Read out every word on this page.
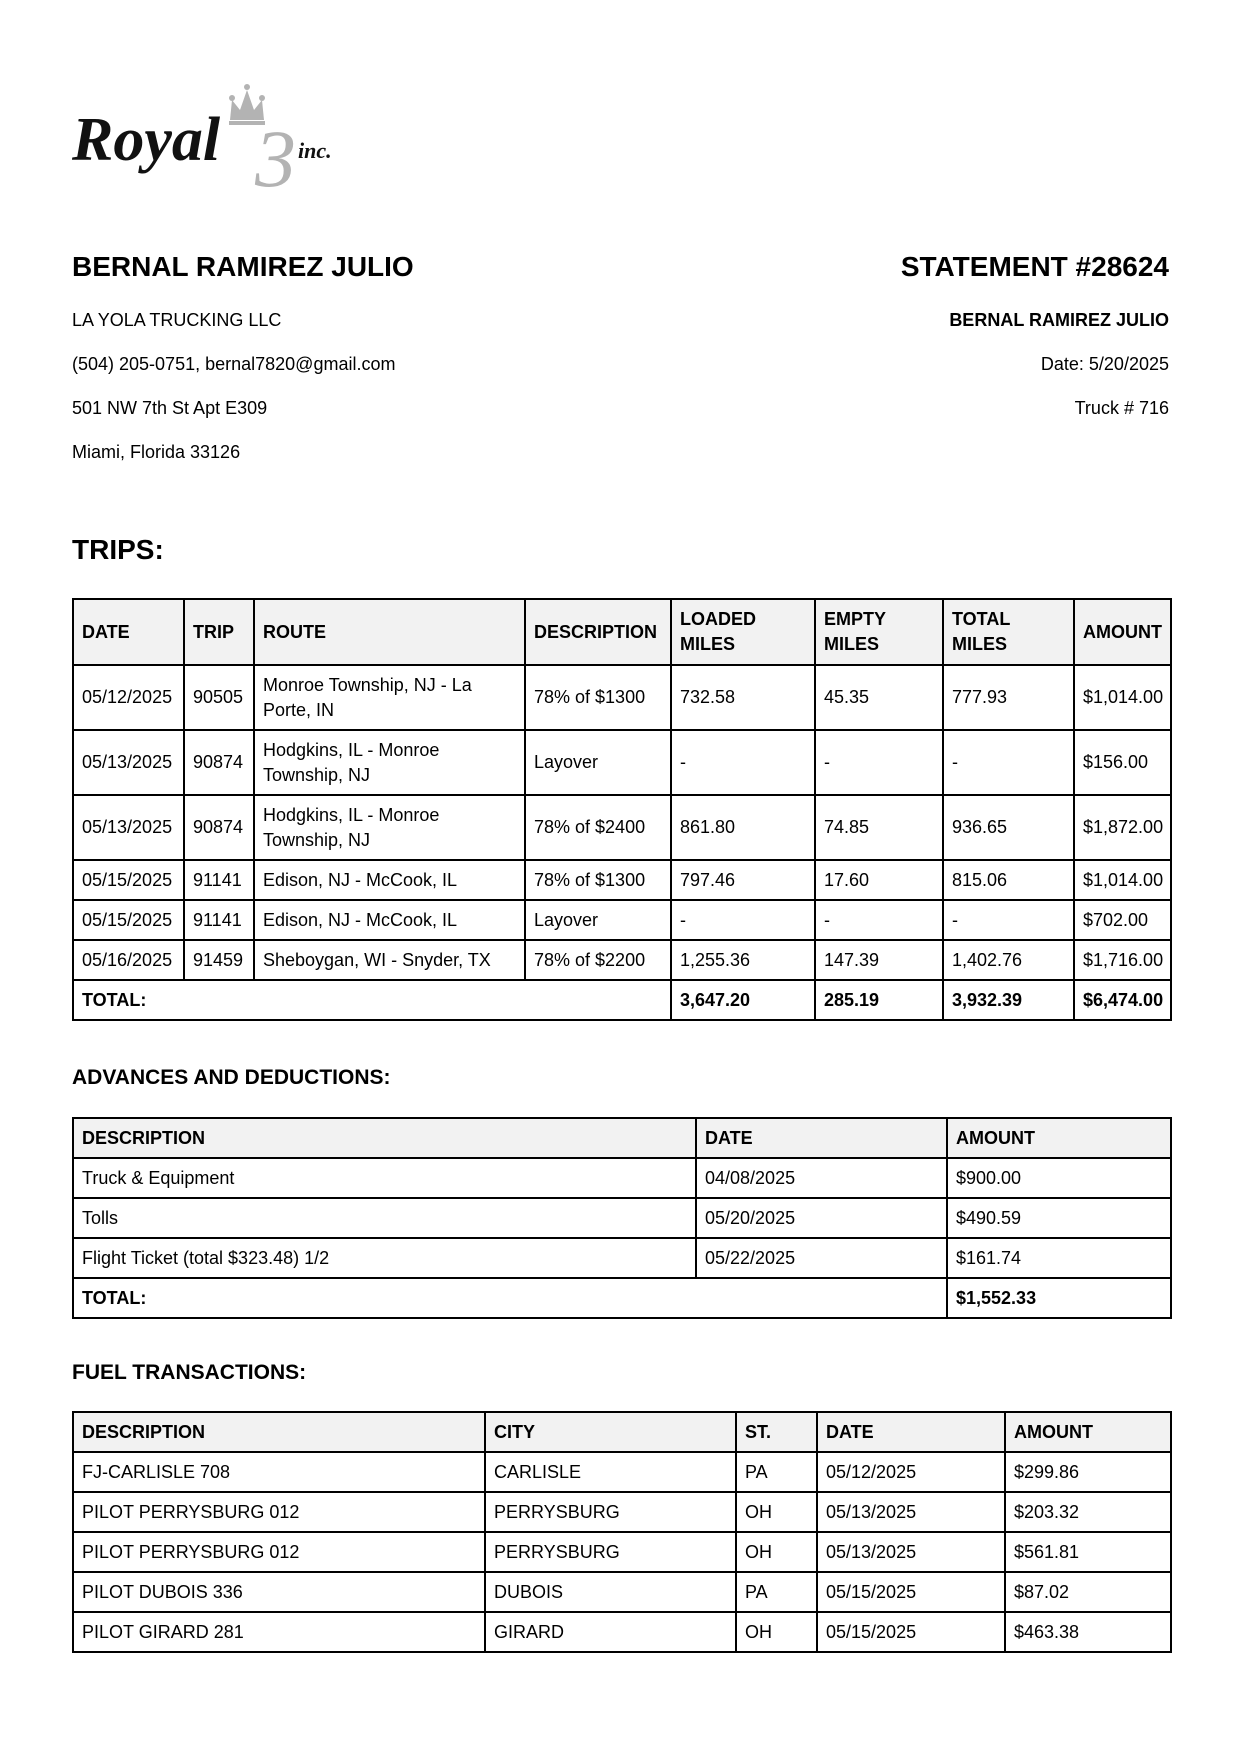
3
Royal	inc.
BERNAL RAMIREZ JULIO
LA YOLA TRUCKING LLC
(504) 205-0751, bernal7820@gmail.com
501 NW 7th St Apt E309
Miami, Florida 33126
STATEMENT #28624
BERNAL RAMIREZ JULIO
Date: 5/20/2025
Truck # 716
TRIPS:
DATE	TRIP	ROUTE	DESCRIPTION	LOADED MILES	EMPTY MILES	TOTAL MILES	AMOUNT
05/12/2025	90505	Monroe Township, NJ - La Porte, IN	78% of $1300	732.58	45.35	777.93	$1,014.00
05/13/2025	90874	Hodgkins, IL - Monroe Township, NJ	Layover	-	-	-	$156.00
05/13/2025	90874	Hodgkins, IL - Monroe Township, NJ	78% of $2400	861.80	74.85	936.65	$1,872.00
05/15/2025	91141	Edison, NJ - McCook, IL	78% of $1300	797.46	17.60	815.06	$1,014.00
05/15/2025	91141	Edison, NJ - McCook, IL	Layover	-	-	-	$702.00
05/16/2025	91459	Sheboygan, WI - Snyder, TX	78% of $2200	1,255.36	147.39	1,402.76	$1,716.00
TOTAL:				3,647.20	285.19	3,932.39	$6,474.00
ADVANCES AND DEDUCTIONS:
DESCRIPTION	DATE	AMOUNT
Truck & Equipment	04/08/2025	$900.00
Tolls	05/20/2025	$490.59
Flight Ticket (total $323.48) 1/2	05/22/2025	$161.74
TOTAL:		$1,552.33
FUEL TRANSACTIONS:
DESCRIPTION	CITY	ST.	DATE	AMOUNT
FJ-CARLISLE 708	CARLISLE	PA	05/12/2025	$299.86
PILOT PERRYSBURG 012	PERRYSBURG	OH	05/13/2025	$203.32
PILOT PERRYSBURG 012	PERRYSBURG	OH	05/13/2025	$561.81
PILOT DUBOIS 336	DUBOIS	PA	05/15/2025	$87.02
PILOT GIRARD 281	GIRARD	OH	05/15/2025	$463.38
